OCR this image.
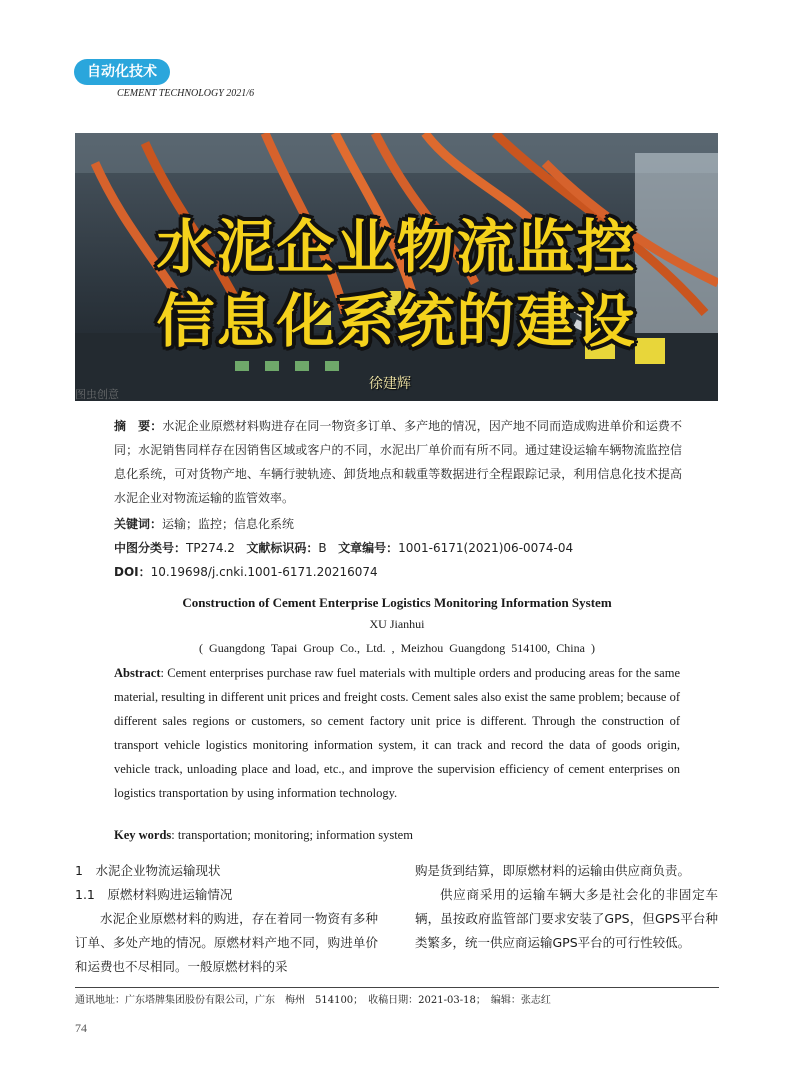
自动化技术
CEMENT TECHNOLOGY 2021/6
水泥企业物流监控
信息化系统的建设
徐建辉
图虫创意
摘　要：水泥企业原燃材料购进存在同一物资多订单、多产地的情况，因产地不同而造成购进单价和运费不同；水泥销售同样存在因销售区域或客户的不同，水泥出厂单价而有所不同。通过建设运输车辆物流监控信息化系统，可对货物产地、车辆行驶轨迹、卸货地点和载重等数据进行全程跟踪记录，利用信息化技术提高水泥企业对物流运输的监管效率。
关键词：运输；监控；信息化系统
中图分类号：TP274.2 文献标识码：B 文章编号：1001-6171(2021)06-0074-04
DOI：10.19698/j.cnki.1001-6171.20216074
Construction of Cement Enterprise Logistics Monitoring Information System
XU Jianhui
( Guangdong Tapai Group Co., Ltd. , Meizhou Guangdong 514100, China )
Abstract: Cement enterprises purchase raw fuel materials with multiple orders and producing areas for the same material, resulting in different unit prices and freight costs. Cement sales also exist the same problem; because of different sales regions or customers, so cement factory unit price is different. Through the construction of transport vehicle logistics monitoring information system, it can track and record the data of goods origin, vehicle track, unloading place and load, etc., and improve the supervision efficiency of cement enterprises on logistics transportation by using information technology.
Key words: transportation; monitoring; information system
1　水泥企业物流运输现状
1.1　原燃材料购进运输情况
水泥企业原燃材料的购进，存在着同一物资有多种订单、多处产地的情况。原燃材料产地不同，购进单价和运费也不尽相同。一般原燃材料的采
购是货到结算，即原燃材料的运输由供应商负责。
供应商采用的运输车辆大多是社会化的非固定车辆，虽按政府监管部门要求安装了GPS，但GPS平台种类繁多，统一供应商运输GPS平台的可行性较低。
通讯地址：广东塔牌集团股份有限公司，广东　梅州　514100；　收稿日期：2021-03-18；　编辑：张志红
74
